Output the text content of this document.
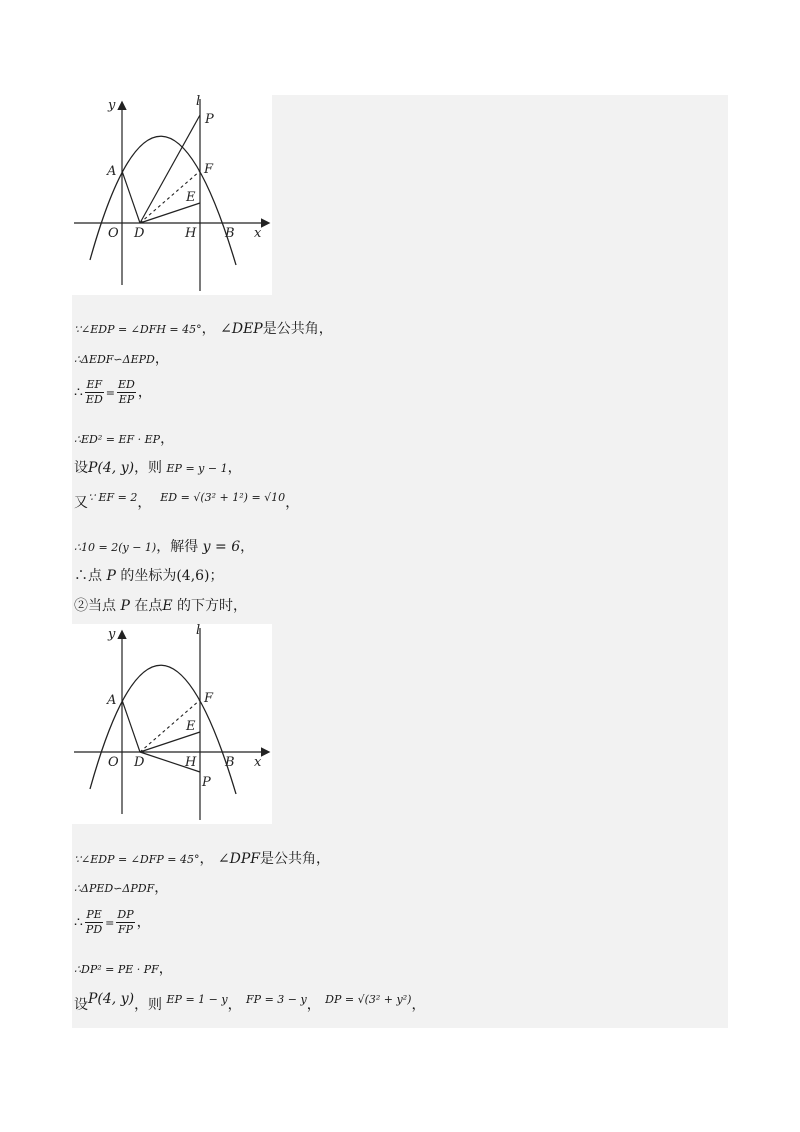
y	l
P
A	F
E
O D	H B x
∵∠EDP = ∠DFH = 45°， ∠DEP是公共角，
∴ΔEDF∽ΔEPD，
∴ $\frac{EF}{ED} = \frac{ED}{EP}$ ，
∴ED² = EF · EP，
设P(4, y)，则 EP = y − 1，
又$^{\because EF = 2}$， $^{ED = √(3^2 + 1^2) = √10}$，
∴10 = 2(y − 1)，解得 y = 6，
∴点 P 的坐标为(4,6)；
②当点 P 在点E 的下方时，
y	l
A	F
E
O D	H B x
P
∵∠EDP = ∠DFP = 45°， ∠DPF是公共角，
∴ΔPED∽ΔPDF，
∴ $\frac{PE}{PD} = \frac{DP}{FP}$ ，
∴DP² = PE · PF，
设P(4, y)，则 $^{EP = 1 - y}$， $^{FP = 3 - y}$， $^{DP = √(3^2 + y^2)}$，
